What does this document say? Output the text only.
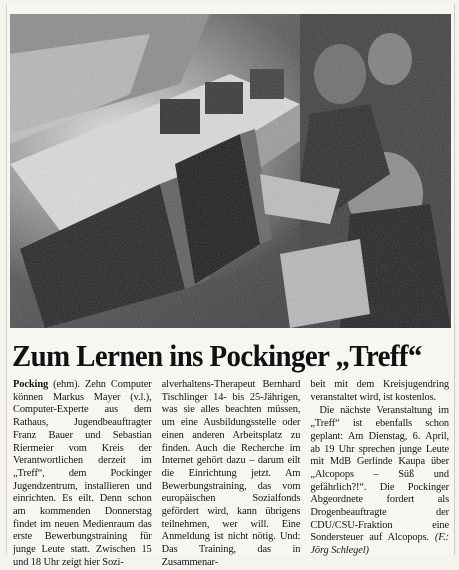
Zum Lernen ins Pockinger „Treff“

Pocking (ehm). Zehn Computer können Markus Mayer (v.l.), Computer-Experte aus dem Rathaus, Jugendbeauftragter Franz Bauer und Sebastian Riermeier vom Kreis der Verantwortlichen derzeit im „Treff“, dem Pockinger Jugendzentrum, installieren und einrichten. Es eilt. Denn schon am kommenden Donnerstag findet im neuen Medienraum das erste Bewerbungstraining für junge Leute statt. Zwischen 15 und 18 Uhr zeigt hier Sozi-

alverhaltens-Therapeut Bernhard Tischlinger 14- bis 25-Jährigen, was sie alles beachten müssen, um eine Ausbildungsstelle oder einen anderen Arbeitsplatz zu finden. Auch die Recherche im Internet gehört dazu – darum eilt die Einrichtung jetzt. Am Bewerbungstraining, das vom europäischen Sozialfonds gefördert wird, kann übrigens teilnehmen, wer will. Eine Anmeldung ist nicht nötig. Und: Das Training, das in Zusammenar-

beit mit dem Kreisjugendring veranstaltet wird, ist kostenlos.

Die nächste Veranstaltung im „Treff“ ist ebenfalls schon geplant: Am Dienstag, 6. April, ab 19 Uhr sprechen junge Leute mit MdB Gerlinde Kaupa über „Alcopops – Süß und gefährlich?!“. Die Pockinger Abgeordnete fordert als Drogenbeauftragte der CDU/CSU-Fraktion eine Sondersteuer auf Alcopops. (F.: Jörg Schlegel)
